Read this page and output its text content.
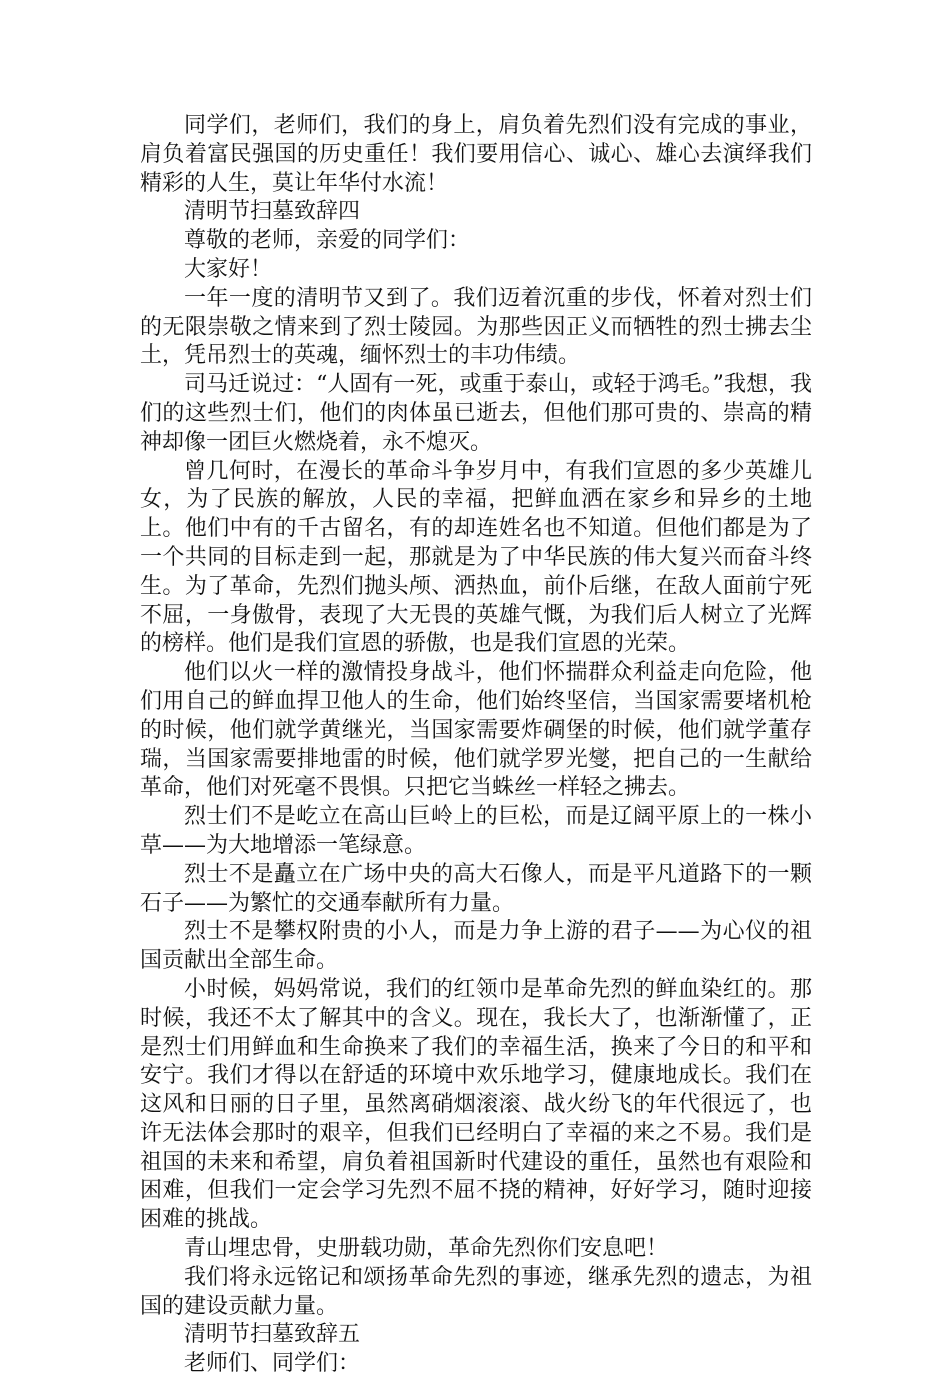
同学们，老师们，我们的身上，肩负着先烈们没有完成的事业，肩负着富民强国的历史重任！我们要用信心、诚心、雄心去演绎我们精彩的人生，莫让年华付水流！

清明节扫墓致辞四

尊敬的老师，亲爱的同学们：

大家好！

一年一度的清明节又到了。我们迈着沉重的步伐，怀着对烈士们的无限崇敬之情来到了烈士陵园。为那些因正义而牺牲的烈士拂去尘土，凭吊烈士的英魂，缅怀烈士的丰功伟绩。

司马迁说过：“人固有一死，或重于泰山，或轻于鸿毛。”我想，我们的这些烈士们，他们的肉体虽已逝去，但他们那可贵的、崇高的精神却像一团巨火燃烧着，永不熄灭。

曾几何时，在漫长的革命斗争岁月中，有我们宣恩的多少英雄儿女，为了民族的解放，人民的幸福，把鲜血洒在家乡和异乡的土地上。他们中有的千古留名，有的却连姓名也不知道。但他们都是为了一个共同的目标走到一起，那就是为了中华民族的伟大复兴而奋斗终生。为了革命，先烈们抛头颅、洒热血，前仆后继，在敌人面前宁死不屈，一身傲骨，表现了大无畏的英雄气慨，为我们后人树立了光辉的榜样。他们是我们宣恩的骄傲，也是我们宣恩的光荣。

他们以火一样的激情投身战斗，他们怀揣群众利益走向危险，他们用自己的鲜血捍卫他人的生命，他们始终坚信，当国家需要堵机枪的时候，他们就学黄继光，当国家需要炸碉堡的时候，他们就学董存瑞，当国家需要排地雷的时候，他们就学罗光燮，把自己的一生献给革命，他们对死毫不畏惧。只把它当蛛丝一样轻之拂去。

烈士们不是屹立在高山巨岭上的巨松，而是辽阔平原上的一株小草——为大地增添一笔绿意。

烈士不是矗立在广场中央的高大石像人，而是平凡道路下的一颗石子——为繁忙的交通奉献所有力量。

烈士不是攀权附贵的小人，而是力争上游的君子——为心仪的祖国贡献出全部生命。

小时候，妈妈常说，我们的红领巾是革命先烈的鲜血染红的。那时候，我还不太了解其中的含义。现在，我长大了，也渐渐懂了，正是烈士们用鲜血和生命换来了我们的幸福生活，换来了今日的和平和安宁。我们才得以在舒适的环境中欢乐地学习，健康地成长。我们在这风和日丽的日子里，虽然离硝烟滚滚、战火纷飞的年代很远了，也许无法体会那时的艰辛，但我们已经明白了幸福的来之不易。我们是祖国的未来和希望，肩负着祖国新时代建设的重任，虽然也有艰险和困难，但我们一定会学习先烈不屈不挠的精神，好好学习，随时迎接困难的挑战。

青山埋忠骨，史册载功勋，革命先烈你们安息吧！

我们将永远铭记和颂扬革命先烈的事迹，继承先烈的遗志，为祖国的建设贡献力量。

清明节扫墓致辞五

老师们、同学们：
